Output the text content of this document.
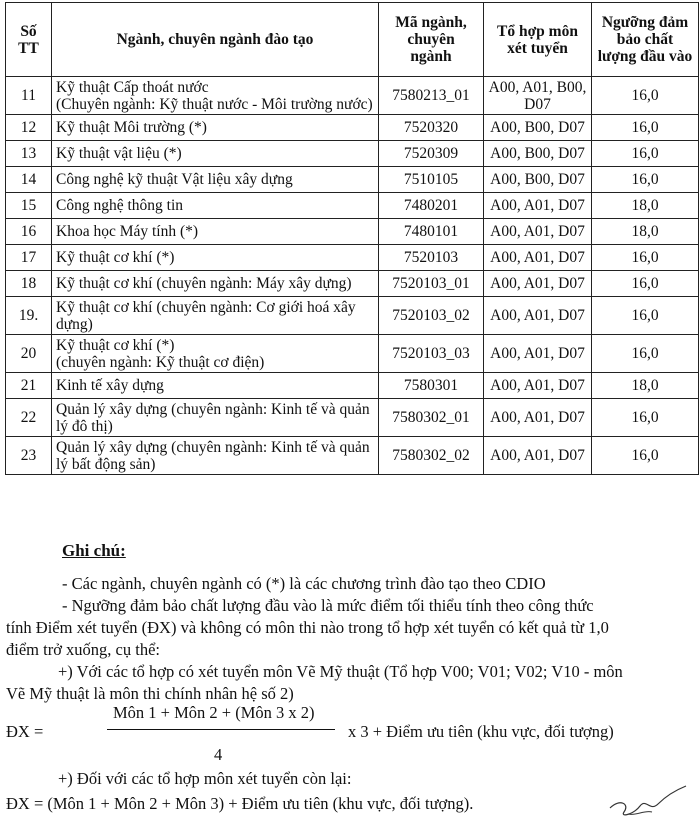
Số
TT	Ngành, chuyên ngành đào tạo	Mã ngành,
chuyên
ngành	Tổ hợp môn
xét tuyển	Ngưỡng đảm
bảo chất
lượng đầu vào
11	Kỹ thuật Cấp thoát nước
(Chuyên ngành: Kỹ thuật nước - Môi trường nước)	7580213_01	A00, A01, B00,
D07	16,0
12	Kỹ thuật Môi trường (*)	7520320	A00, B00, D07	16,0
13	Kỹ thuật vật liệu (*)	7520309	A00, B00, D07	16,0
14	Công nghệ kỹ thuật Vật liệu xây dựng	7510105	A00, B00, D07	16,0
15	Công nghệ thông tin	7480201	A00, A01, D07	18,0
16	Khoa học Máy tính (*)	7480101	A00, A01, D07	18,0
17	Kỹ thuật cơ khí (*)	7520103	A00, A01, D07	16,0
18	Kỹ thuật cơ khí (chuyên ngành: Máy xây dựng)	7520103_01	A00, A01, D07	16,0
19.	Kỹ thuật cơ khí (chuyên ngành: Cơ giới hoá xây
dựng)	7520103_02	A00, A01, D07	16,0
20	Kỹ thuật cơ khí (*)
(chuyên ngành: Kỹ thuật cơ điện)	7520103_03	A00, A01, D07	16,0
21	Kinh tế xây dựng	7580301	A00, A01, D07	18,0
22	Quản lý xây dựng (chuyên ngành: Kinh tế và quản
lý đô thị)	7580302_01	A00, A01, D07	16,0
23	Quản lý xây dựng (chuyên ngành: Kinh tế và quản
lý bất động sản)	7580302_02	A00, A01, D07	16,0
Ghi chú:
- Các ngành, chuyên ngành có (*) là các chương trình đào tạo theo CDIO
- Ngưỡng đảm bảo chất lượng đầu vào là mức điểm tối thiểu tính theo công thức
tính Điểm xét tuyển (ĐX) và không có môn thi nào trong tổ hợp xét tuyển có kết quả từ 1,0
điểm trở xuống, cụ thể:
+) Với các tổ hợp có xét tuyển môn Vẽ Mỹ thuật (Tổ hợp V00; V01; V02; V10 - môn
Vẽ Mỹ thuật là môn thi chính nhân hệ số 2)
ĐX =
Môn 1 + Môn 2 + (Môn 3 x 2)
4
x 3 + Điểm ưu tiên (khu vực, đối tượng)
+) Đối với các tổ hợp môn xét tuyển còn lại:
ĐX = (Môn 1 + Môn 2 + Môn 3) + Điểm ưu tiên (khu vực, đối tượng).
